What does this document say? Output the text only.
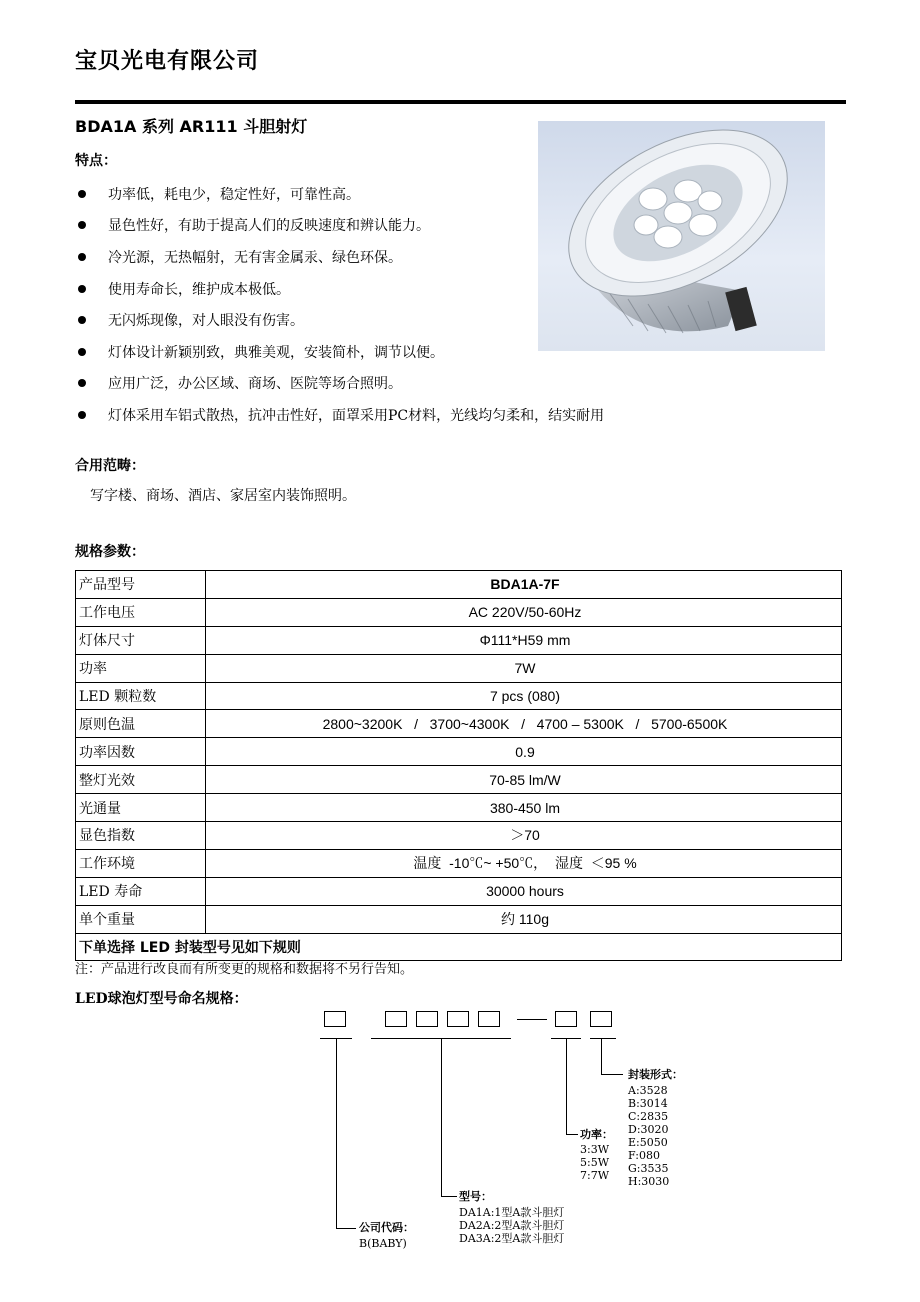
宝贝光电有限公司
BDA1A 系列 AR111 斗胆射灯
特点：
功率低，耗电少，稳定性好，可靠性高。
显色性好，有助于提高人们的反映速度和辨认能力。
冷光源，无热幅射，无有害金属汞、绿色环保。
使用寿命长，维护成本极低。
无闪烁现像，对人眼没有伤害。
灯体设计新颖别致，典雅美观，安装简朴，调节以便。
应用广泛，办公区域、商场、医院等场合照明。
灯体采用车铝式散热，抗冲击性好，面罩采用PC材料，光线均匀柔和，结实耐用
合用范畴：
写字楼、商场、酒店、家居室内装饰照明。
规格参数：
产品型号	BDA1A-7F
工作电压	AC 220V/50-60Hz
灯体尺寸	Φ111*H59 mm
功率	7W
LED 颗粒数	7 pcs (080)
原则色温	2800~3200K   /   3700~4300K   /   4700 – 5300K   /   5700-6500K
功率因数	0.9
整灯光效	70-85 lm/W
光通量	380-450 lm
显色指数	＞70
工作环境	温度  -10℃~ +50℃，  湿度  ＜95 %
LED 寿命	30000 hours
单个重量	约 110g
下单选择 LED 封装型号见如下规则	
注：产品进行改良而有所变更的规格和数据将不另行告知。
LED球泡灯型号命名规格：
封装形式：
A:3528
B:3014
C:2835
D:3020
E:5050
F:080
G:3535
H:3030
功率：
3:3W
5:5W
7:7W
型号：
DA1A:1型A款斗胆灯
DA2A:2型A款斗胆灯
DA3A:2型A款斗胆灯
公司代码：
B(BABY)
